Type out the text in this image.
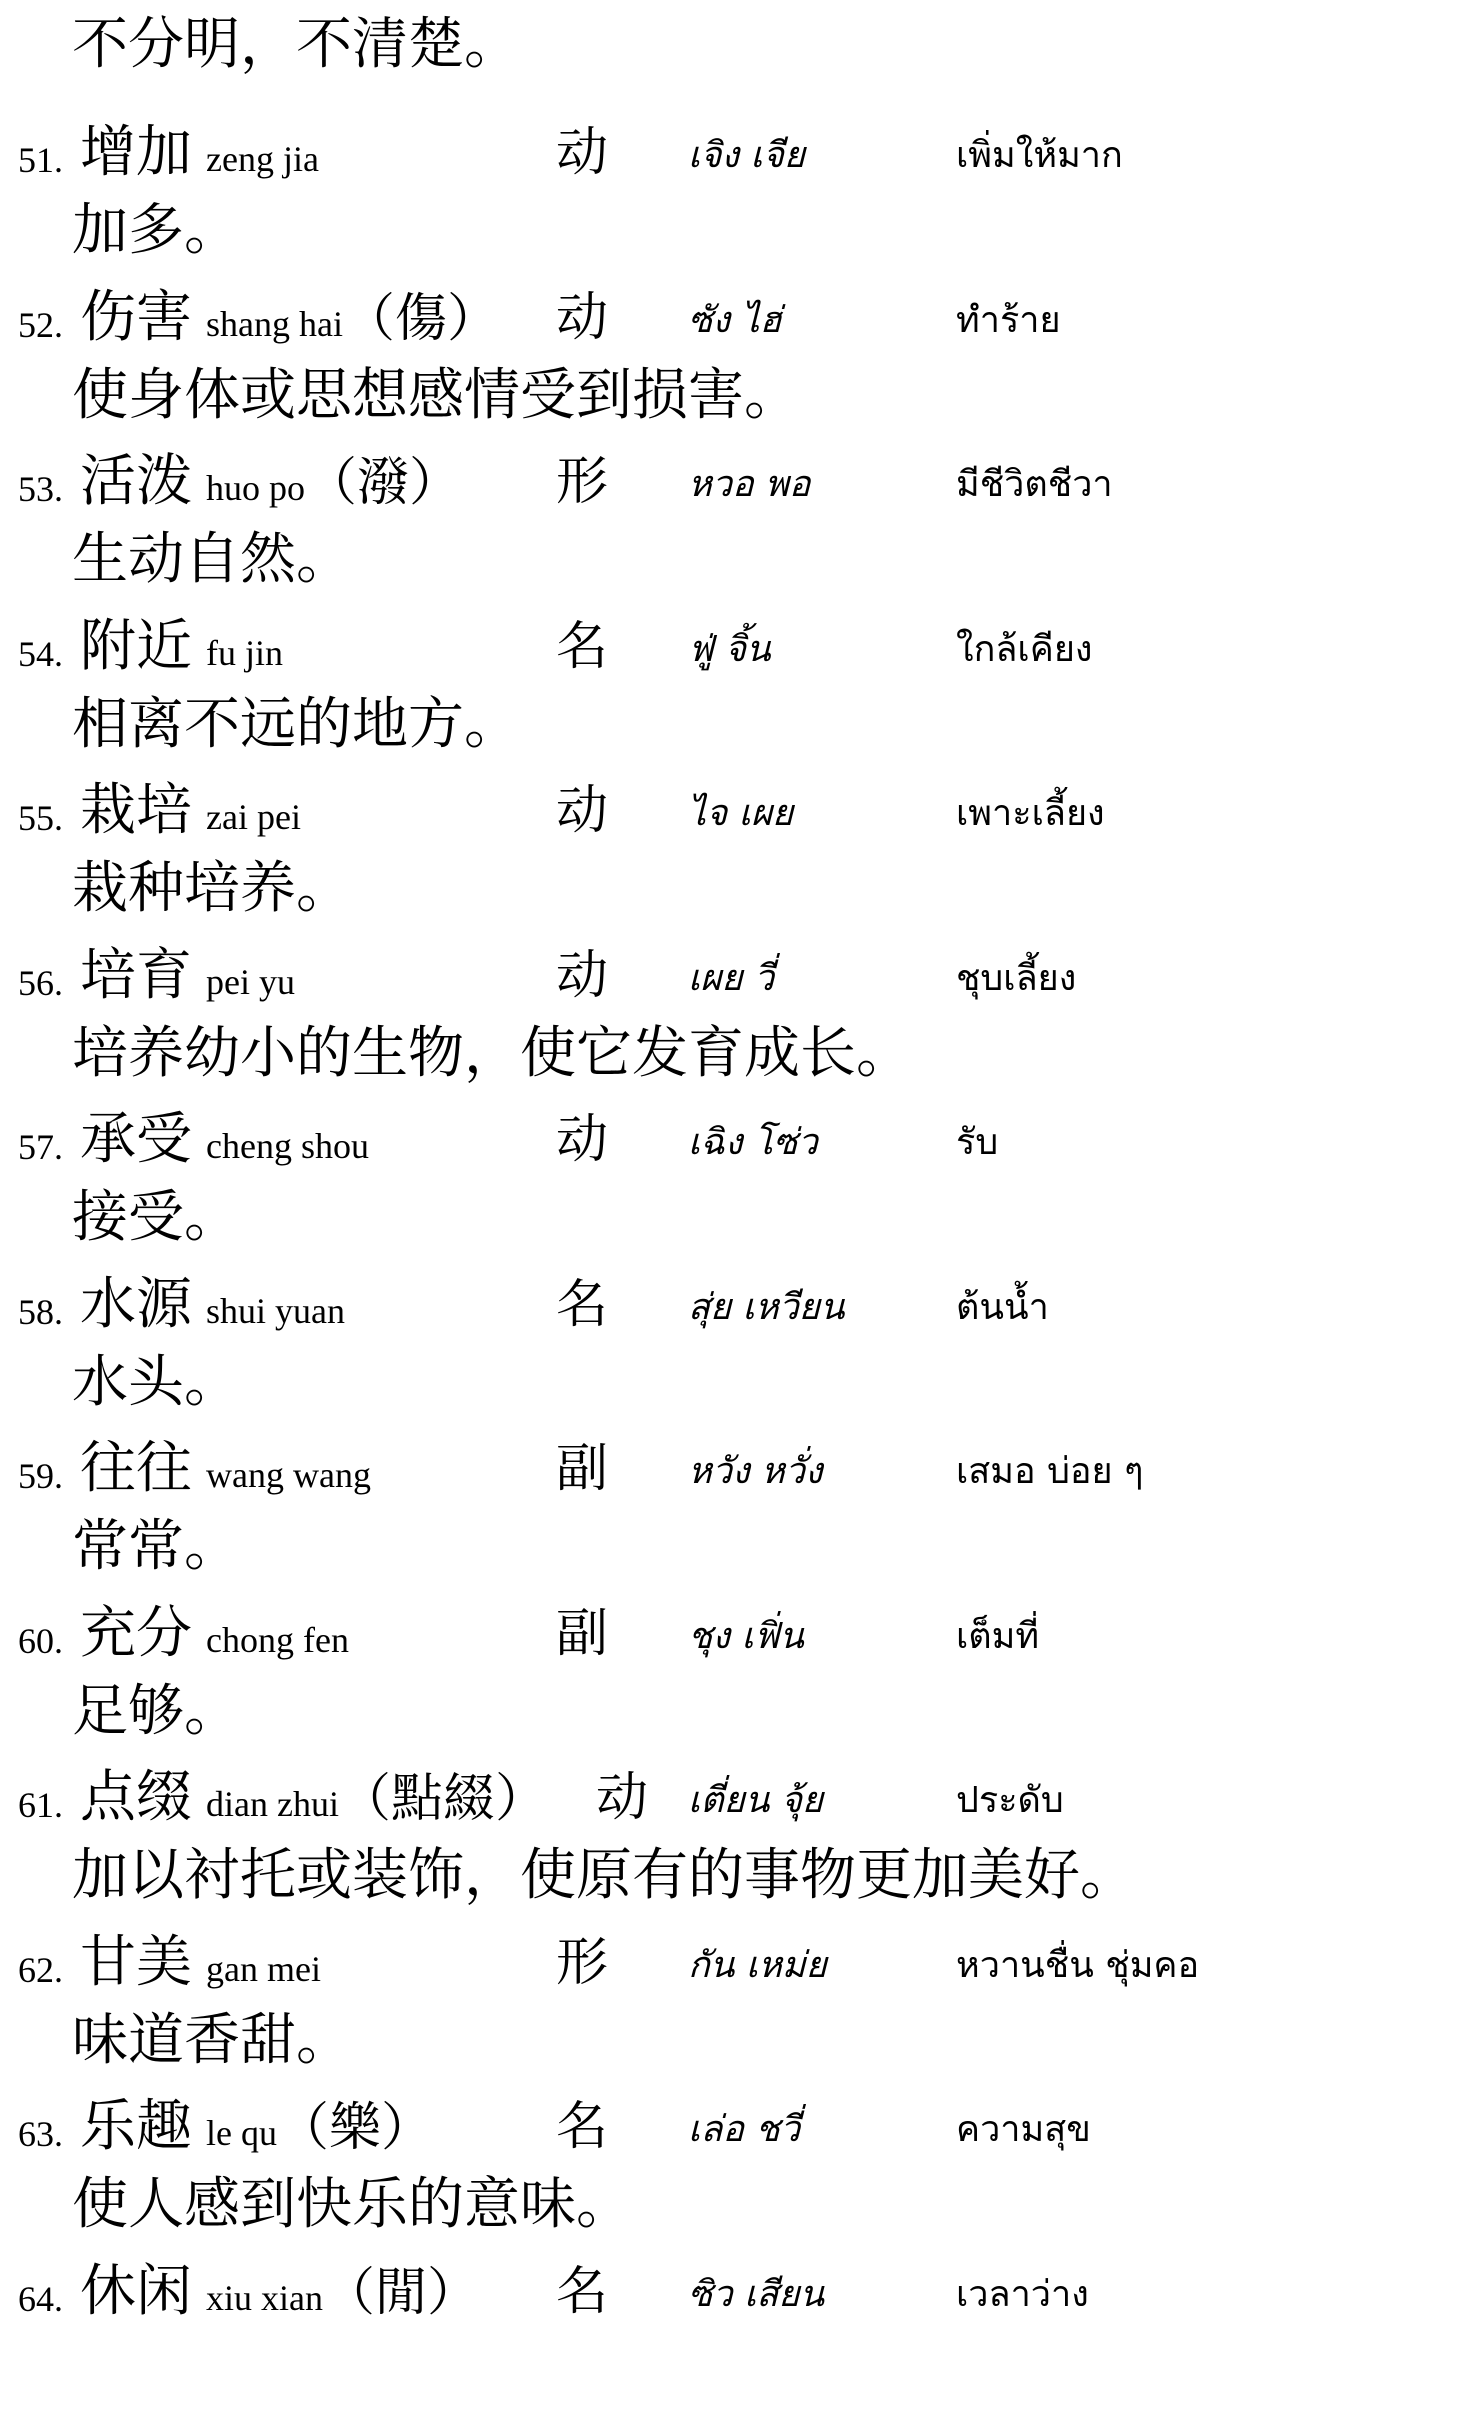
不分明，不清楚。
51. 增加 zeng jia	动 เจิง เจีย	เพิ่มให้มาก
加多。
52. 伤害 shang hai（傷） 动 ซัง ไฮ่	ทำร้าย
使身体或思想感情受到损害。
53. 活泼 huo po（潑） 形 หวอ พอ	มีชีวิตชีวา
生动自然。
54. 附近 fu jin	名 ฟู่ จิ้น	ใกล้เคียง
相离不远的地方。
55. 栽培 zai pei	动 ไจ เผย	เพาะเลี้ยง
栽种培养。
56. 培育 pei yu	动 เผย วี่	ชุบเลี้ยง
培养幼小的生物，使它发育成长。
57. 承受 cheng shou	动 เฉิง โซ่ว	รับ
接受。
58. 水源 shui yuan	名 สุ่ย เหวียน	ต้นน้ำ
水头。
59. 往往 wang wang	副 หวัง หวั่ง	เสมอ บ่อย ๆ
常常。
60. 充分 chong fen	副 ชุง เฟิ่น	เต็มที่
足够。
61. 点缀 dian zhui（點綴） 动 เตี่ยน จุ้ย	ประดับ
加以衬托或装饰，使原有的事物更加美好。
62. 甘美 gan mei	形 กัน เหม่ย	หวานชื่น ชุ่มคอ
味道香甜。
63. 乐趣 le qu（樂） 名 เล่อ ชวี่	ความสุข
使人感到快乐的意味。
64. 休闲 xiu xian（閒） 名 ซิว เสียน	เวลาว่าง
